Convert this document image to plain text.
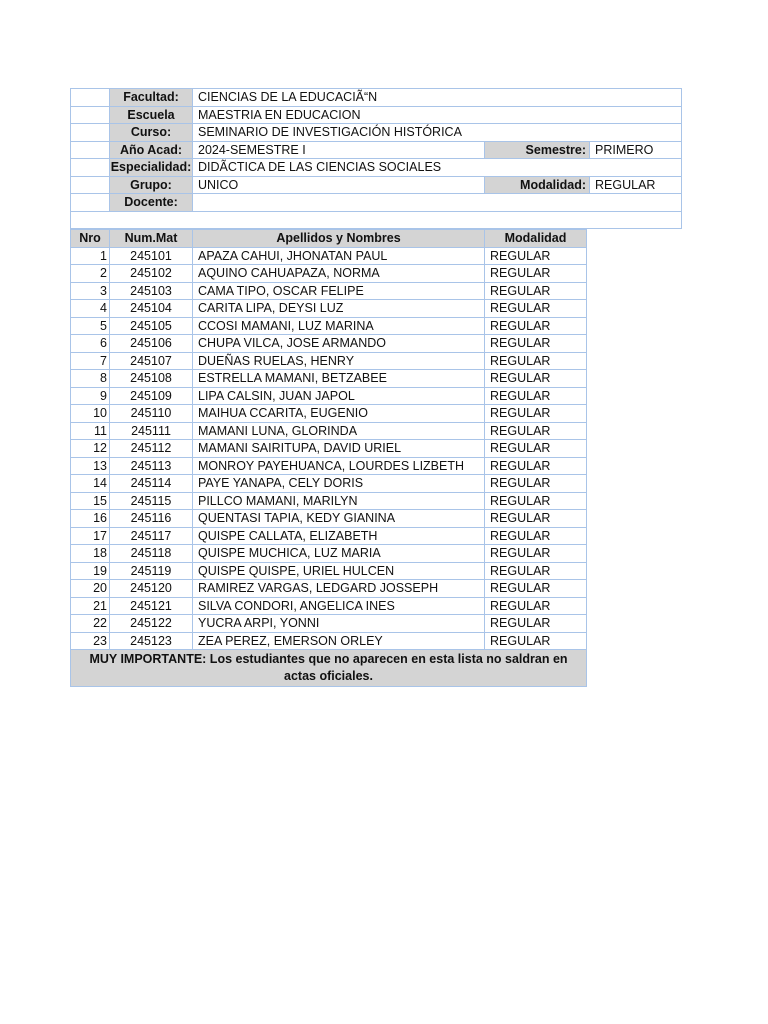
	Facultad:	CIENCIAS DE LA EDUCACIÃ“N		
	Escuela	MAESTRIA EN EDUCACION		
	Curso:	SEMINARIO DE INVESTIGACIÓN HISTÓRICA		
	Año Acad:	2024-SEMESTRE I	Semestre:	PRIMERO
	Especialidad:	DIDÃCTICA DE LAS CIENCIAS SOCIALES		
	Grupo:	UNICO	Modalidad:	REGULAR
	Docente:			

Nro	Num.Mat	Apellidos y Nombres	Modalidad
1	245101	APAZA CAHUI, JHONATAN PAUL	REGULAR
2	245102	AQUINO CAHUAPAZA, NORMA	REGULAR
3	245103	CAMA TIPO, OSCAR FELIPE	REGULAR
4	245104	CARITA LIPA, DEYSI LUZ	REGULAR
5	245105	CCOSI MAMANI, LUZ MARINA	REGULAR
6	245106	CHUPA VILCA, JOSE ARMANDO	REGULAR
7	245107	DUEÑAS RUELAS, HENRY	REGULAR
8	245108	ESTRELLA MAMANI, BETZABEE	REGULAR
9	245109	LIPA CALSIN, JUAN JAPOL	REGULAR
10	245110	MAIHUA CCARITA, EUGENIO	REGULAR
11	245111	MAMANI LUNA, GLORINDA	REGULAR
12	245112	MAMANI SAIRITUPA, DAVID URIEL	REGULAR
13	245113	MONROY PAYEHUANCA, LOURDES LIZBETH	REGULAR
14	245114	PAYE YANAPA, CELY DORIS	REGULAR
15	245115	PILLCO MAMANI, MARILYN	REGULAR
16	245116	QUENTASI TAPIA, KEDY GIANINA	REGULAR
17	245117	QUISPE CALLATA, ELIZABETH	REGULAR
18	245118	QUISPE MUCHICA, LUZ MARIA	REGULAR
19	245119	QUISPE QUISPE, URIEL HULCEN	REGULAR
20	245120	RAMIREZ VARGAS, LEDGARD JOSSEPH	REGULAR
21	245121	SILVA CONDORI, ANGELICA INES	REGULAR
22	245122	YUCRA ARPI, YONNI	REGULAR
23	245123	ZEA PEREZ, EMERSON ORLEY	REGULAR
MUY IMPORTANTE: Los estudiantes que no aparecen en esta lista no saldran en actas oficiales.			
